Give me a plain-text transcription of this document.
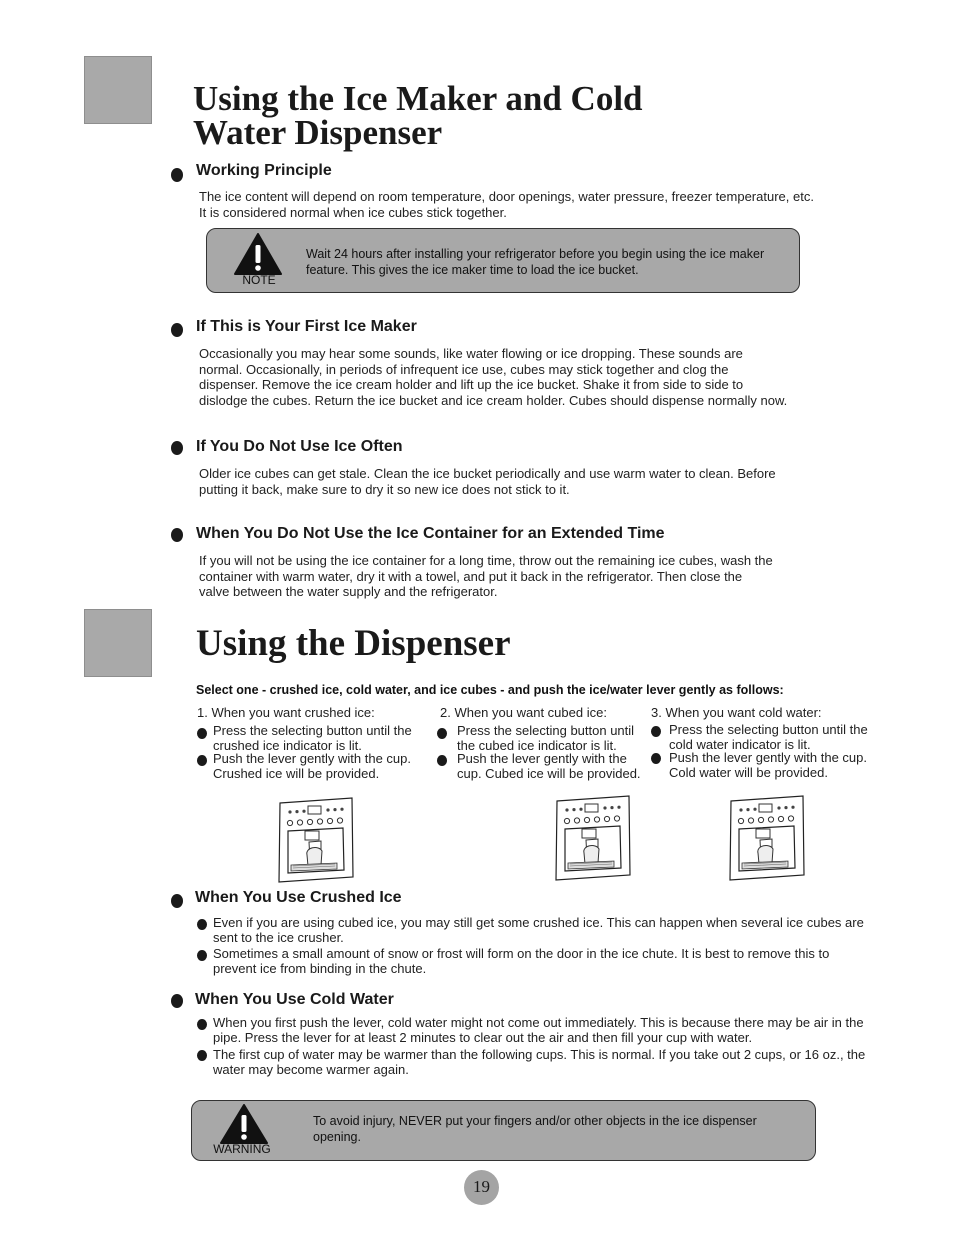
Using the Ice Maker and Cold
Water Dispenser
Working Principle

The ice content will depend on room temperature, door openings, water pressure, freezer temperature, etc.

It is considered normal when ice cubes stick together.

NOTE
Wait 24 hours after installing your refrigerator before you begin using the ice maker
feature. This gives the ice maker time to load the ice bucket.
If This is Your First Ice Maker

Occasionally you may hear some sounds, like water flowing or ice dropping. These sounds are

normal. Occasionally, in periods of infrequent ice use, cubes may stick together and clog the

dispenser. Remove the ice cream holder and lift up the ice bucket. Shake it from side to side to

dislodge the cubes. Return the ice bucket and ice cream holder. Cubes should dispense normally now.

If You Do Not Use Ice Often

Older ice cubes can get stale. Clean the ice bucket periodically and use warm water to clean. Before

putting it back, make sure to dry it so new ice does not stick to it.

When You Do Not Use the Ice Container for an Extended Time

If you will not be using the ice container for a long time, throw out the remaining ice cubes, wash the

container with warm water, dry it with a towel, and put it back in the refrigerator. Then close the

valve between the water supply and the refrigerator.

Using the Dispenser
Select one - crushed ice, cold water, and ice cubes - and push the ice/water lever gently as follows:
1. When you want crushed ice:
Press the selecting button until the
crushed ice indicator is lit.
Push the lever gently with the cup.
Crushed ice will be provided.
2. When you want cubed ice:
Press the selecting button until
the cubed ice indicator is lit.
Push the lever gently with the
cup. Cubed ice will be provided.
3. When you want cold water:
Press the selecting button until the
cold water indicator is lit.
Push the lever gently with the cup.
Cold water will be provided.
When You Use Crushed Ice
Even if you are using cubed ice, you may still get some crushed ice. This can happen when several ice cubes are
sent to the ice crusher.
Sometimes a small amount of snow or frost will form on the door in the ice chute. It is best to remove this to
prevent ice from binding in the chute.
When You Use Cold Water
When you first push the lever, cold water might not come out immediately. This is because there may be air in the
pipe. Press the lever for at least 2 minutes to clear out the air and then fill your cup with water.
The first cup of water may be warmer than the following cups. This is normal. If you take out 2 cups, or 16 oz., the
water may become warmer again.
WARNING
To avoid injury, NEVER put your fingers and/or other objects in the ice dispenser
opening.
19
